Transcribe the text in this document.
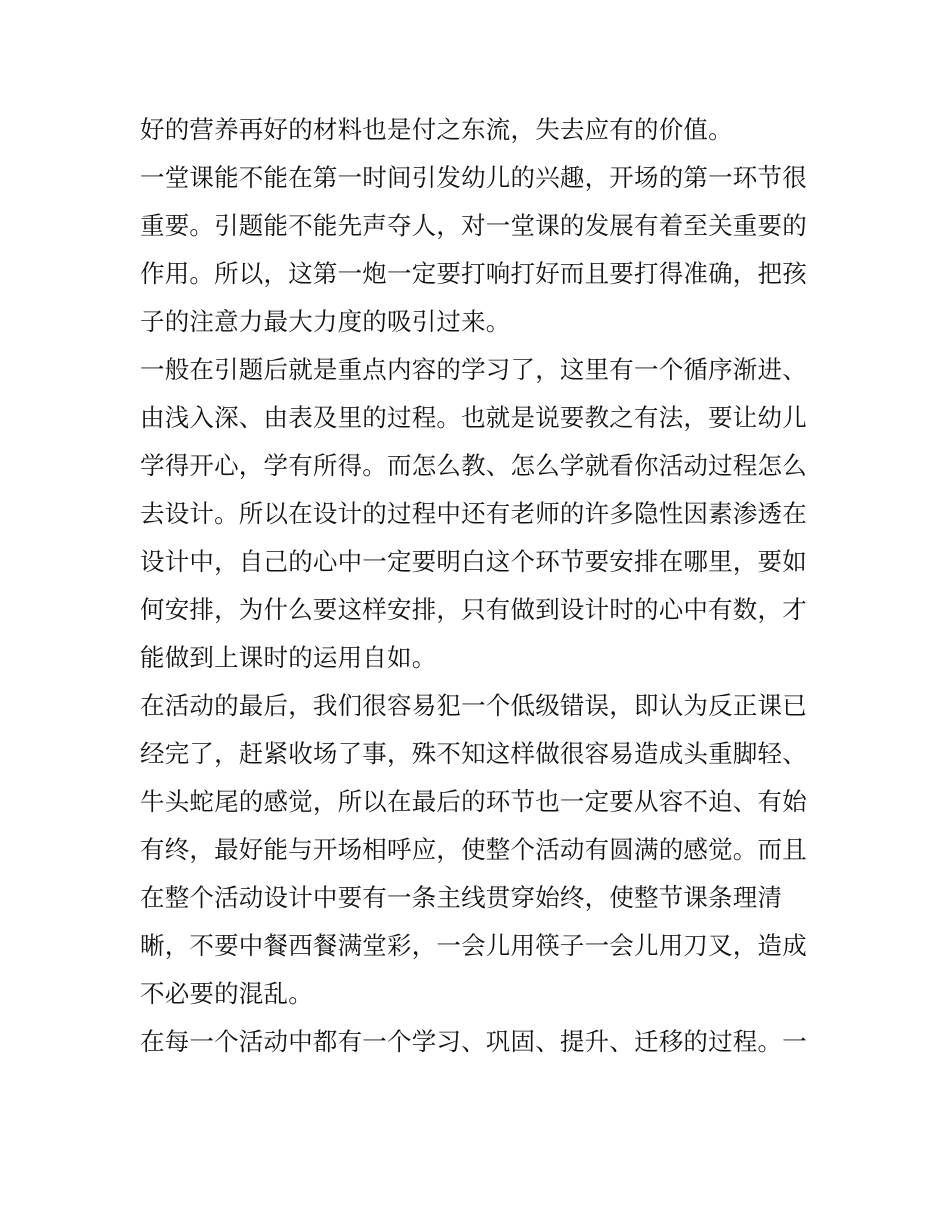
好的营养再好的材料也是付之东流，失去应有的价值。
一堂课能不能在第一时间引发幼儿的兴趣，开场的第一环节很
重要。引题能不能先声夺人，对一堂课的发展有着至关重要的
作用。所以，这第一炮一定要打响打好而且要打得准确，把孩
子的注意力最大力度的吸引过来。
一般在引题后就是重点内容的学习了，这里有一个循序渐进、
由浅入深、由表及里的过程。也就是说要教之有法，要让幼儿
学得开心，学有所得。而怎么教、怎么学就看你活动过程怎么
去设计。所以在设计的过程中还有老师的许多隐性因素渗透在
设计中，自己的心中一定要明白这个环节要安排在哪里，要如
何安排，为什么要这样安排，只有做到设计时的心中有数，才
能做到上课时的运用自如。
在活动的最后，我们很容易犯一个低级错误，即认为反正课已
经完了，赶紧收场了事，殊不知这样做很容易造成头重脚轻、
牛头蛇尾的感觉，所以在最后的环节也一定要从容不迫、有始
有终，最好能与开场相呼应，使整个活动有圆满的感觉。而且
在整个活动设计中要有一条主线贯穿始终，使整节课条理清
晰，不要中餐西餐满堂彩，一会儿用筷子一会儿用刀叉，造成
不必要的混乱。
在每一个活动中都有一个学习、巩固、提升、迁移的过程。一
